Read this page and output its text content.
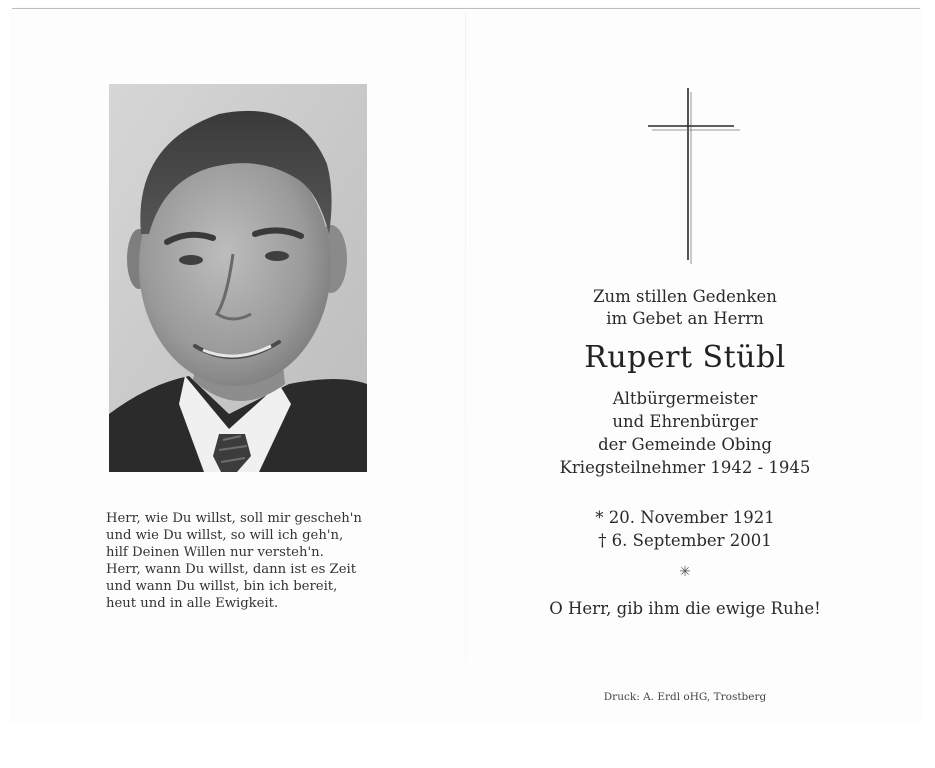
Herr, wie Du willst, soll mir gescheh'n
und wie Du willst, so will ich geh'n,
hilf Deinen Willen nur versteh'n.
Herr, wann Du willst, dann ist es Zeit
und wann Du willst, bin ich bereit,
heut und in alle Ewigkeit.
Zum stillen Gedenken
im Gebet an Herrn
Rupert Stübl
Altbürgermeister
und Ehrenbürger
der Gemeinde Obing
Kriegsteilnehmer 1942 - 1945
* 20. November 1921
† 6. September 2001
✳
O Herr, gib ihm die ewige Ruhe!
Druck: A. Erdl oHG, Trostberg
